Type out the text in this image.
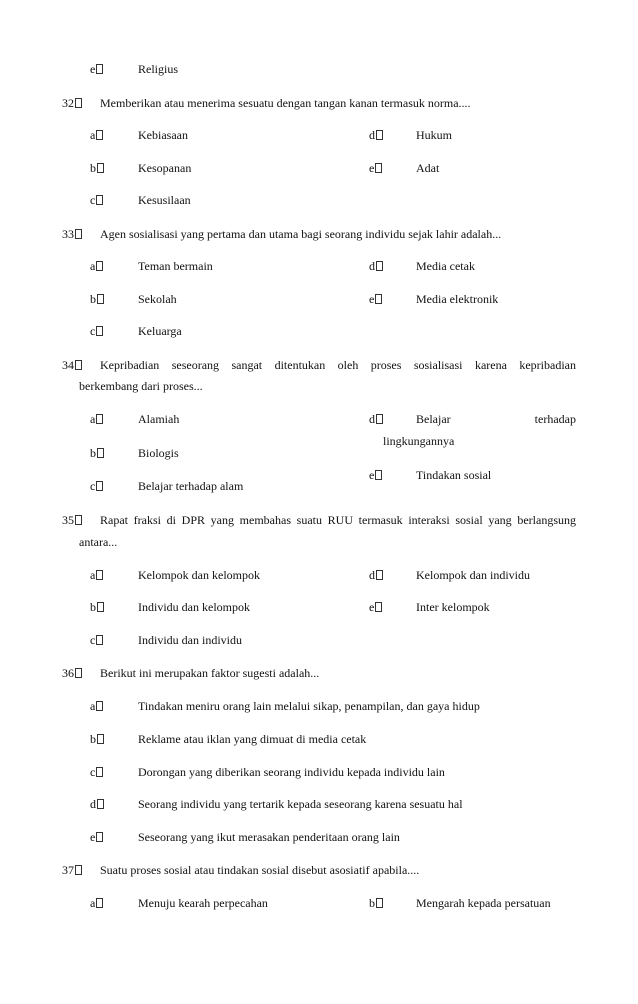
e	Religius
32	Memberikan atau menerima sesuatu dengan tangan kanan termasuk norma....
a	Kebiasaan	d	Hukum
b	Kesopanan	e	Adat
c	Kesusilaan
33	Agen sosialisasi yang pertama dan utama bagi seorang individu sejak lahir adalah...
a	Teman bermain	d	Media cetak
b	Sekolah	e	Media elektronik
c	Keluarga
34	Kepribadian seseorang sangat ditentukan oleh proses sosialisasi karena kepribadian
berkembang dari proses...
a	Alamiah	d	Belajar terhadap
lingkungannya
b	Biologis
e	Tindakan sosial
c	Belajar terhadap alam
35	Rapat fraksi di DPR yang membahas suatu RUU termasuk interaksi sosial yang berlangsung
antara...
a	Kelompok dan kelompok	d	Kelompok dan individu
b	Individu dan kelompok	e	Inter kelompok
c	Individu dan individu
36	Berikut ini merupakan faktor sugesti adalah...
a	Tindakan meniru orang lain melalui sikap, penampilan, dan gaya hidup
b	Reklame atau iklan yang dimuat di media cetak
c	Dorongan yang diberikan seorang individu kepada individu lain
d	Seorang individu yang tertarik kepada seseorang karena sesuatu hal
e	Seseorang yang ikut merasakan penderitaan orang lain
37	Suatu proses sosial atau tindakan sosial disebut asosiatif apabila....
a	Menuju kearah perpecahan	b	Mengarah kepada persatuan
